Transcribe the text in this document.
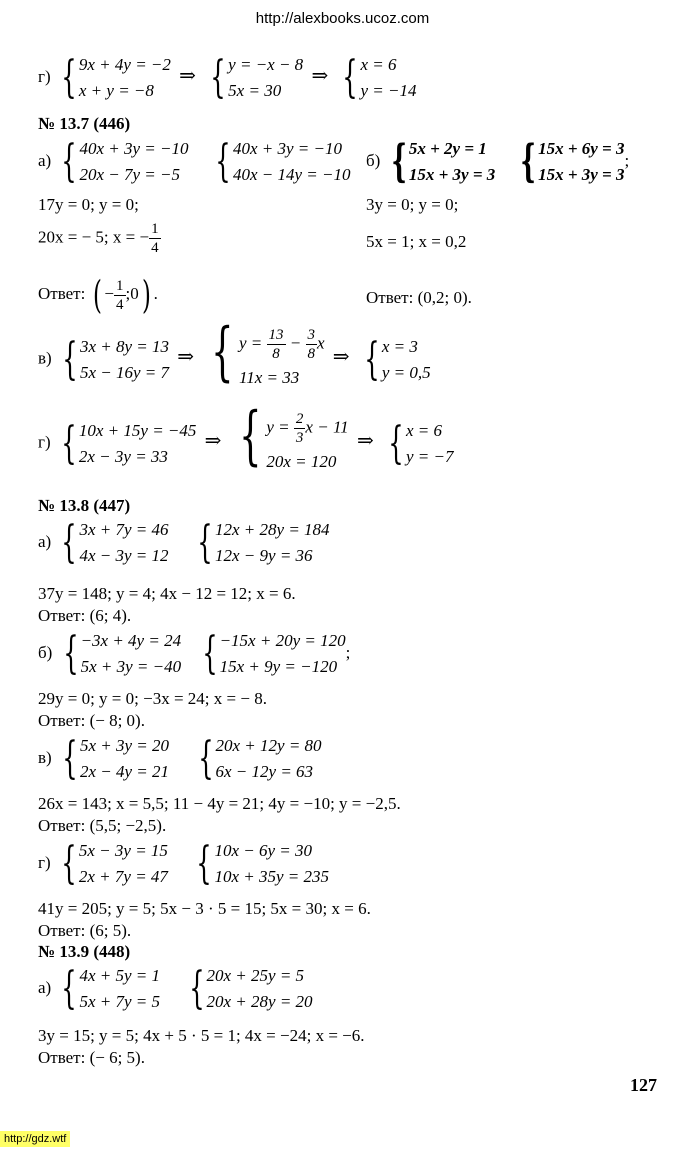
http://alexbooks.ucoz.com
г) { 9x + 4y = −2
x + y = −8
⇒ { y = −x − 8
5x = 30
⇒ { x = 6
y = −14
№ 13.7 (446)
а) { 40x + 3y = −10
20x − 7y = −5
{ 40x + 3y = −10
40x − 14y = −10
б) { 5x + 2y = 1
15x + 3y = 3
{ 15x + 6y = 3
15x + 3y = 3
;
17y = 0; y = 0;	3y = 0; y = 0;
20x = − 5; x = − $\frac{1}{4}$	5x = 1; x = 0,2
Ответ: ( − $\frac{1}{4}$ ;0) .	Ответ: (0,2; 0).
в) { 3x + 8y = 13
5x − 16y = 7
⇒ { $y = \frac{13}{8} - \frac{3}{8}$ x
11x = 33
⇒ { x = 3
y = 0,5
г) { 10x + 15y = −45
2x − 3y = 33
⇒ { $y = \frac{2}{3}$ x − 11
20x = 120
⇒ { x = 6
y = −7
№ 13.8 (447)
а) { 3x + 7y = 46
4x − 3y = 12
{ 12x + 28y = 184
12x − 9y = 36
37y = 148; y = 4; 4x − 12 = 12; x = 6.
Ответ: (6; 4).
б) { −3x + 4y = 24
5x + 3y = −40
{ −15x + 20y = 120
15x + 9y = −120
;
29y = 0; y = 0; −3x = 24; x = − 8.
Ответ: (− 8; 0).
в) { 5x + 3y = 20
2x − 4y = 21
{ 20x + 12y = 80
6x − 12y = 63
26x = 143; x = 5,5; 11 − 4y = 21; 4y = −10; y = −2,5.
Ответ: (5,5; −2,5).
г) { 5x − 3y = 15
2x + 7y = 47
{ 10x − 6y = 30
10x + 35y = 235
41y = 205; y = 5; 5x − 3 · 5 = 15; 5x = 30; x = 6.
Ответ: (6; 5).
№ 13.9 (448)
а) { 4x + 5y = 1
5x + 7y = 5
{ 20x + 25y = 5
20x + 28y = 20
3y = 15; y = 5; 4x + 5 · 5 = 1; 4x = −24; x = −6.
Ответ: (− 6; 5).
127
http://gdz.wtf
